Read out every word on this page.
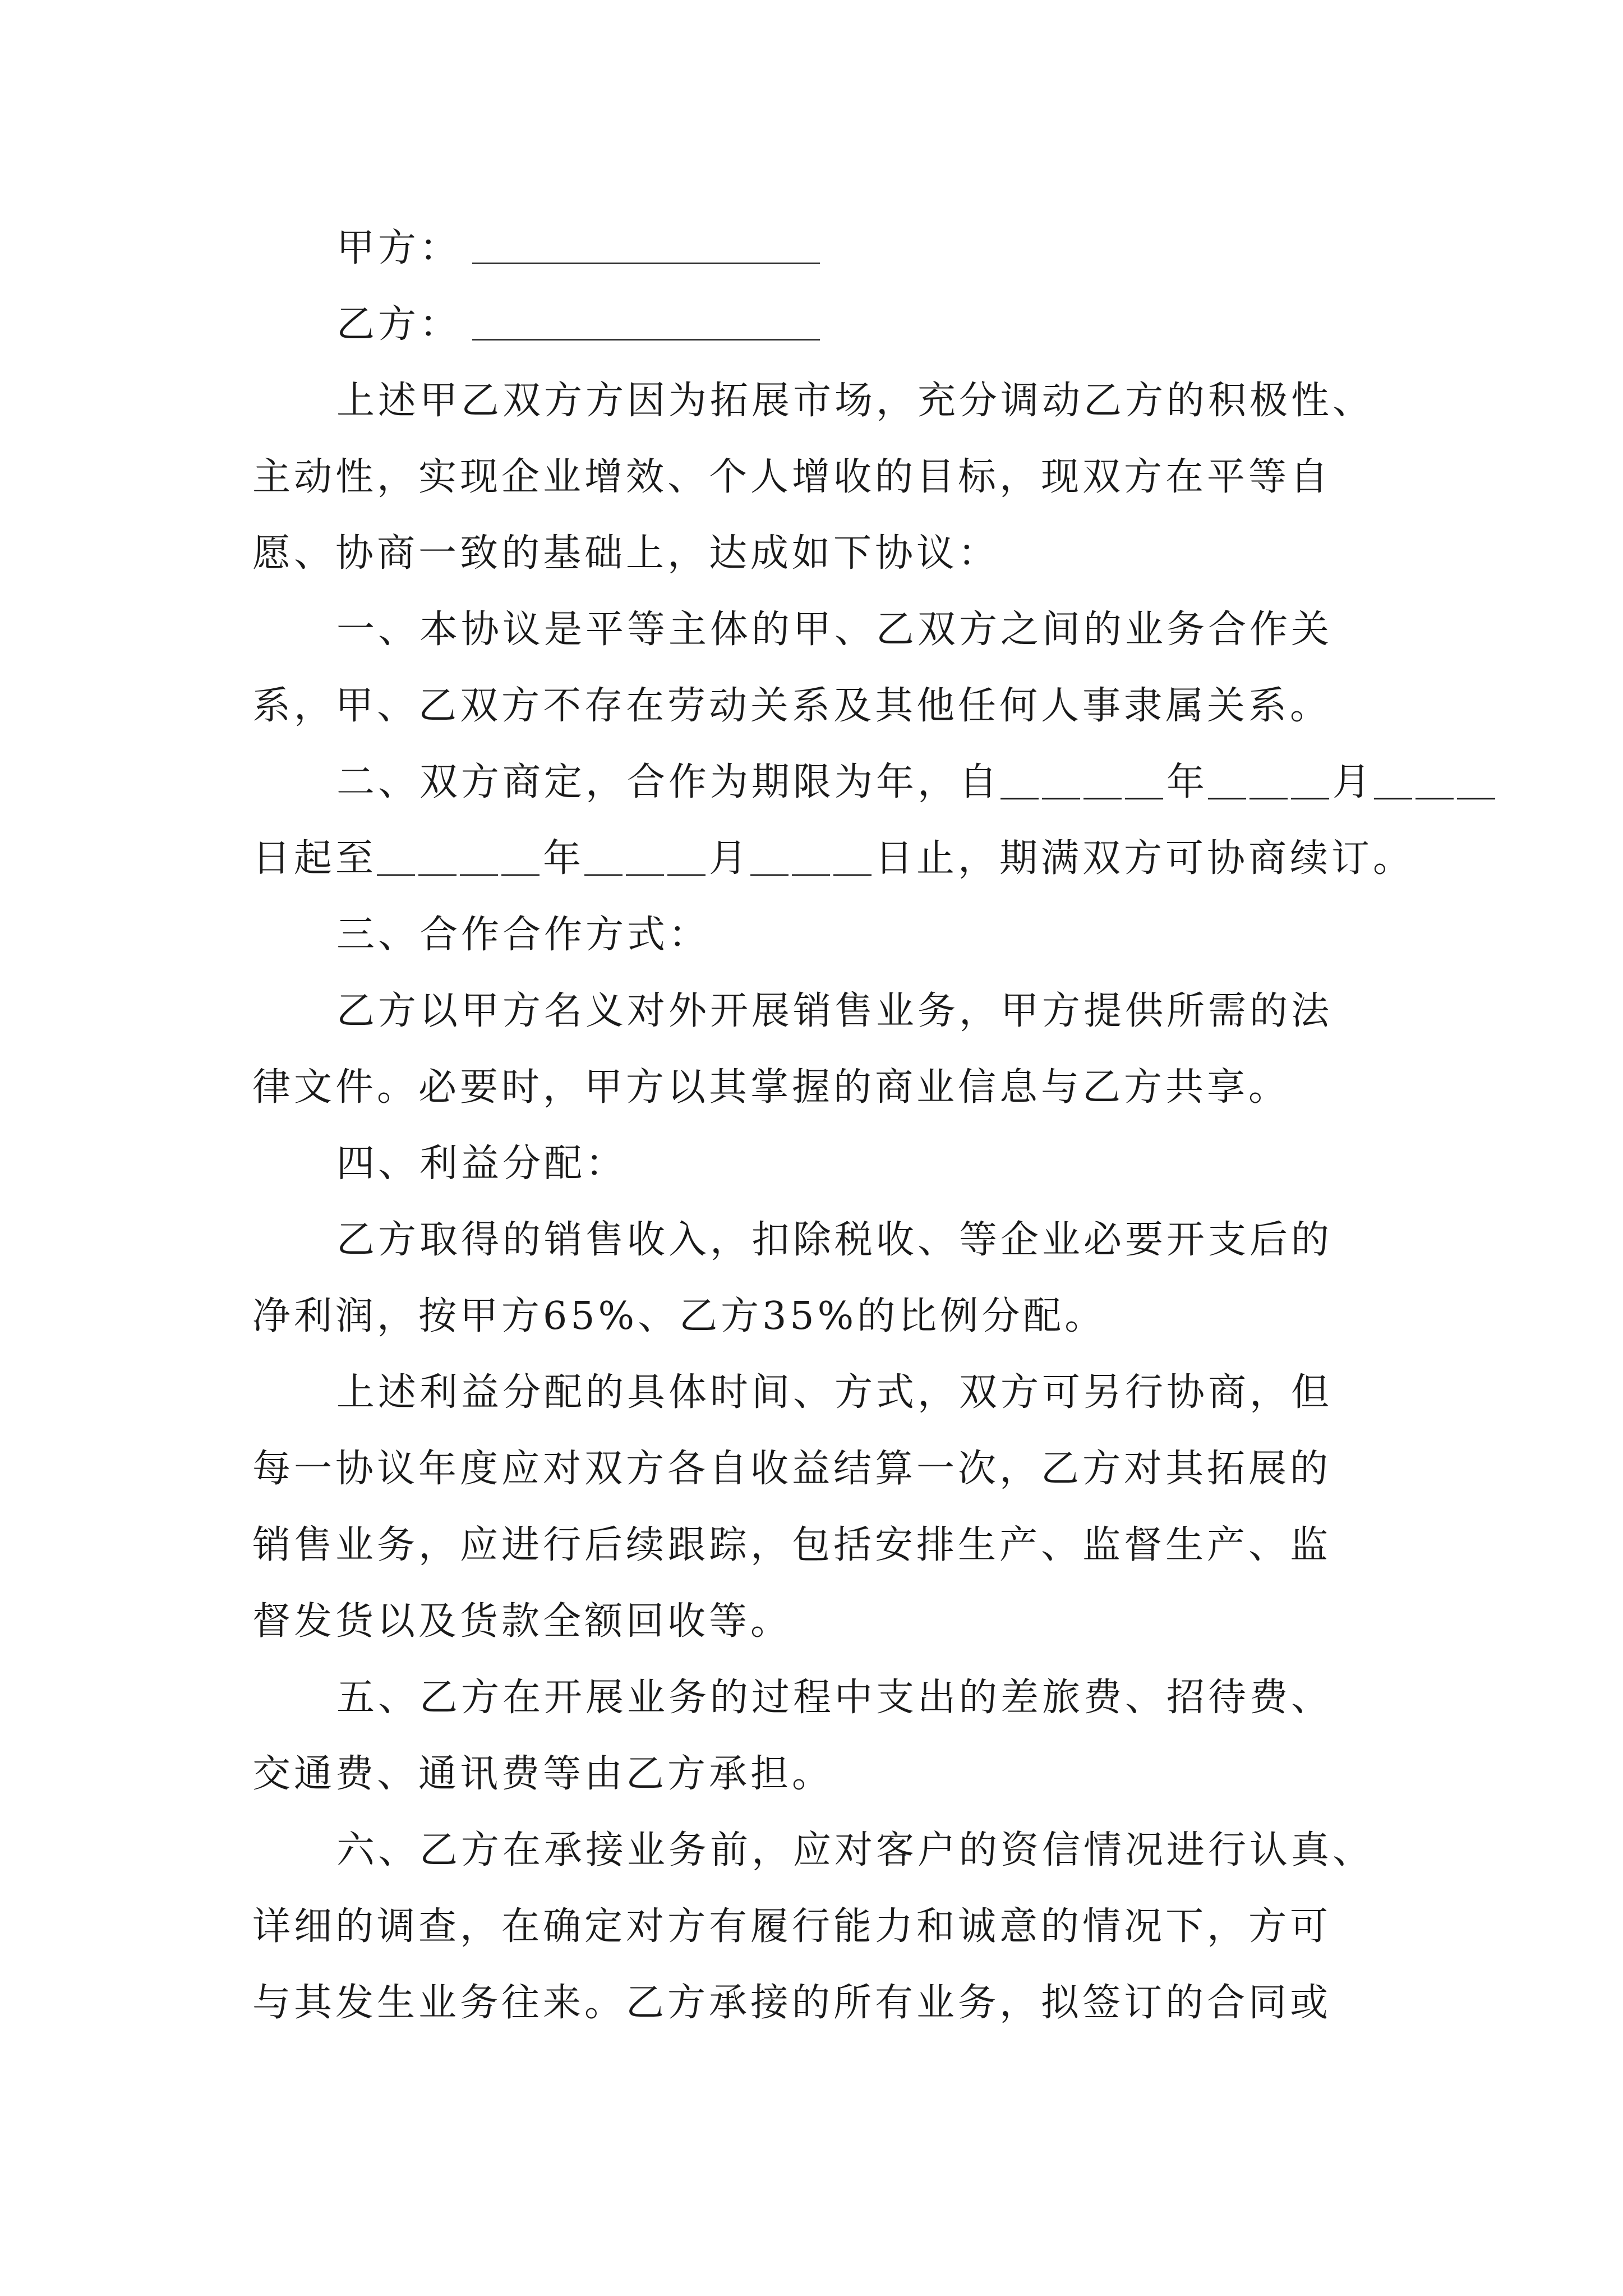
甲方：
乙方：
上述甲乙双方方因为拓展市场，充分调动乙方的积极性、
主动性，实现企业增效、个人增收的目标，现双方在平等自
愿、协商一致的基础上，达成如下协议：
一、本协议是平等主体的甲、乙双方之间的业务合作关
系，甲、乙双方不存在劳动关系及其他任何人事隶属关系。
二、双方商定，合作为期限为年，自＿＿＿＿年＿＿＿月＿＿＿
日起至＿＿＿＿年＿＿＿月＿＿＿日止，期满双方可协商续订。
三、合作合作方式：
乙方以甲方名义对外开展销售业务，甲方提供所需的法
律文件。必要时，甲方以其掌握的商业信息与乙方共享。
四、利益分配：
乙方取得的销售收入，扣除税收、等企业必要开支后的
净利润，按甲方65%、乙方35%的比例分配。
上述利益分配的具体时间、方式，双方可另行协商，但
每一协议年度应对双方各自收益结算一次，乙方对其拓展的
销售业务，应进行后续跟踪，包括安排生产、监督生产、监
督发货以及货款全额回收等。
五、乙方在开展业务的过程中支出的差旅费、招待费、
交通费、通讯费等由乙方承担。
六、乙方在承接业务前，应对客户的资信情况进行认真、
详细的调查，在确定对方有履行能力和诚意的情况下，方可
与其发生业务往来。乙方承接的所有业务，拟签订的合同或
